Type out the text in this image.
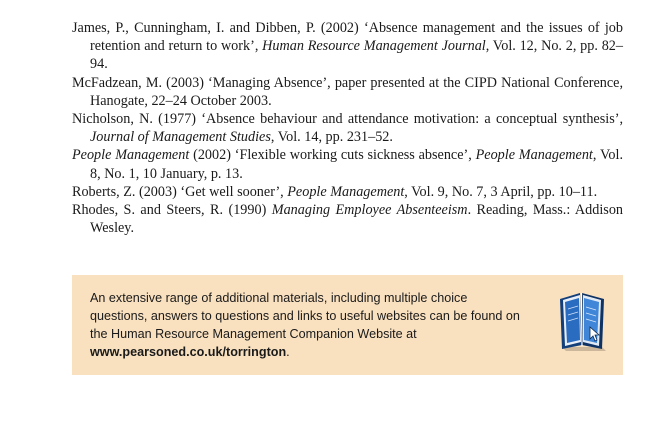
James, P., Cunningham, I. and Dibben, P. (2002) ‘Absence management and the issues of job retention and return to work’, Human Resource Management Journal, Vol. 12, No. 2, pp. 82–94.

McFadzean, M. (2003) ‘Managing Absence’, paper presented at the CIPD National Conference, Hanogate, 22–24 October 2003.

Nicholson, N. (1977) ‘Absence behaviour and attendance motivation: a conceptual synthesis’, Journal of Management Studies, Vol. 14, pp. 231–52.

People Management (2002) ‘Flexible working cuts sickness absence’, People Management, Vol. 8, No. 1, 10 January, p. 13.

Roberts, Z. (2003) ‘Get well sooner’, People Management, Vol. 9, No. 7, 3 April, pp. 10–11.

Rhodes, S. and Steers, R. (1990) Managing Employee Absenteeism. Reading, Mass.: Addison Wesley.

An extensive range of additional materials, including multiple choice questions, answers to questions and links to useful websites can be found on the Human Resource Management Companion Website at www.pearsoned.co.uk/torrington.
